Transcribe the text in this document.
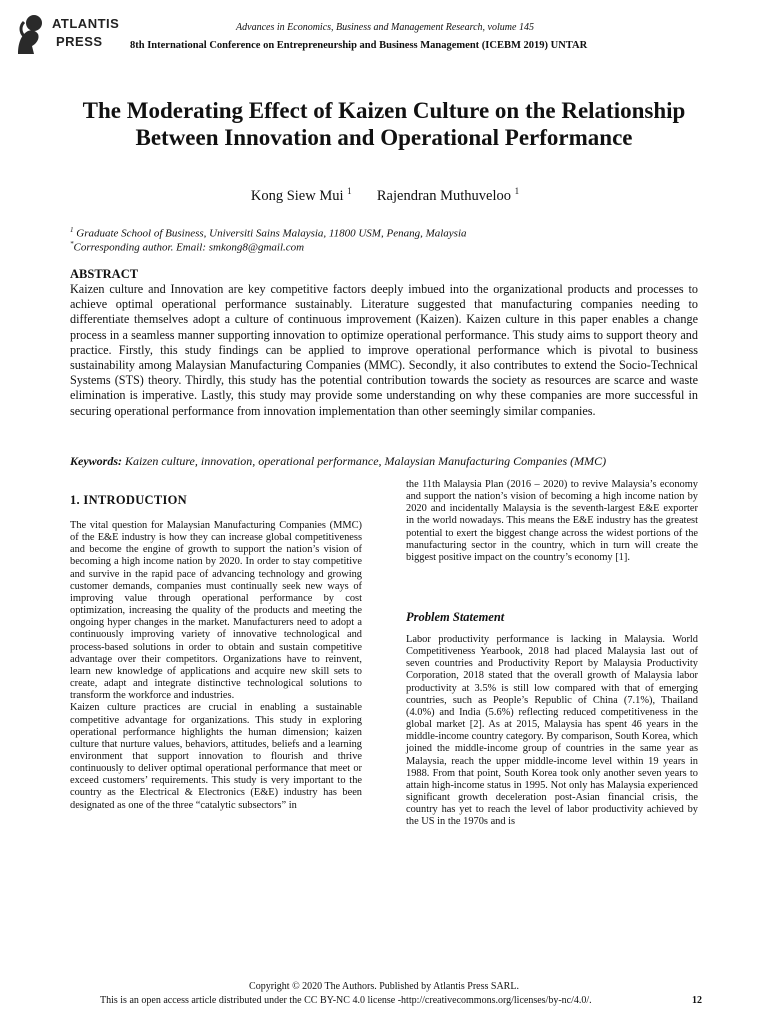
ATLANTIS
PRESS
Advances in Economics, Business and Management Research, volume 145
8th International Conference on Entrepreneurship and Business Management (ICEBM 2019) UNTAR
The Moderating Effect of Kaizen Culture on the Relationship Between Innovation and Operational Performance
Kong Siew Mui $^1$ Rajendran Muthuveloo $^1$
$^1$ Graduate School of Business, Universiti Sains Malaysia, 11800 USM, Penang, Malaysia
*Corresponding author. Email: smkong8@gmail.com
ABSTRACT
Kaizen culture and Innovation are key competitive factors deeply imbued into the organizational products and processes to achieve optimal operational performance sustainably. Literature suggested that manufacturing companies needing to differentiate themselves adopt a culture of continuous improvement (Kaizen). Kaizen culture in this paper enables a change process in a seamless manner supporting innovation to optimize operational performance. This study aims to support theory and practice. Firstly, this study findings can be applied to improve operational performance which is pivotal to business sustainability among Malaysian Manufacturing Companies (MMC). Secondly, it also contributes to extend the Socio-Technical Systems (STS) theory. Thirdly, this study has the potential contribution towards the society as resources are scarce and waste elimination is imperative. Lastly, this study may provide some understanding on why these companies are more successful in securing operational performance from innovation implementation than other seemingly similar companies.
Keywords: Kaizen culture, innovation, operational performance, Malaysian Manufacturing Companies (MMC)
1. INTRODUCTION

The vital question for Malaysian Manufacturing Companies (MMC) of the E&E industry is how they can increase global competitiveness and become the engine of growth to support the nation’s vision of becoming a high income nation by 2020. In order to stay competitive and survive in the rapid pace of advancing technology and growing customer demands, companies must continually seek new ways of improving value through operational performance by cost optimization, increasing the quality of the products and meeting the ongoing hyper changes in the market. Manufacturers need to adopt a continuously improving variety of innovative technological and process-based solutions in order to obtain and sustain competitive advantage over their competitors. Organizations have to reinvent, learn new knowledge of applications and acquire new skill sets to create, adapt and integrate distinctive technological solutions to transform the workforce and industries.

Kaizen culture practices are crucial in enabling a sustainable competitive advantage for organizations. This study in exploring operational performance highlights the human dimension; kaizen culture that nurture values, behaviors, attitudes, beliefs and a learning environment that support innovation to flourish and thrive continuously to deliver optimal operational performance that meet or exceed customers’ requirements. This study is very important to the country as the Electrical & Electronics (E&E) industry has been designated as one of the three “catalytic subsectors” in

the 11th Malaysia Plan (2016 – 2020) to revive Malaysia’s economy and support the nation’s vision of becoming a high income nation by 2020 and incidentally Malaysia is the seventh-largest E&E exporter in the world nowadays. This means the E&E industry has the greatest potential to exert the biggest change across the widest portions of the manufacturing sector in the country, which in turn will create the biggest positive impact on the country’s economy [1].

Problem Statement

Labor productivity performance is lacking in Malaysia. World Competitiveness Yearbook, 2018 had placed Malaysia last out of seven countries and Productivity Report by Malaysia Productivity Corporation, 2018 stated that the overall growth of Malaysia labor productivity at 3.5% is still low compared with that of emerging countries, such as People’s Republic of China (7.1%), Thailand (4.0%) and India (5.6%) reflecting reduced competitiveness in the global market [2]. As at 2015, Malaysia has spent 46 years in the middle-income country category. By comparison, South Korea, which joined the middle-income group of countries in the same year as Malaysia, reach the upper middle-income level within 19 years in 1988. From that point, South Korea took only another seven years to attain high-income status in 1995. Not only has Malaysia experienced significant growth deceleration post-Asian financial crisis, the country has yet to reach the level of labor productivity achieved by the US in the 1970s and is

Copyright © 2020 The Authors. Published by Atlantis Press SARL.
This is an open access article distributed under the CC BY-NC 4.0 license -http://creativecommons.org/licenses/by-nc/4.0/.	12
